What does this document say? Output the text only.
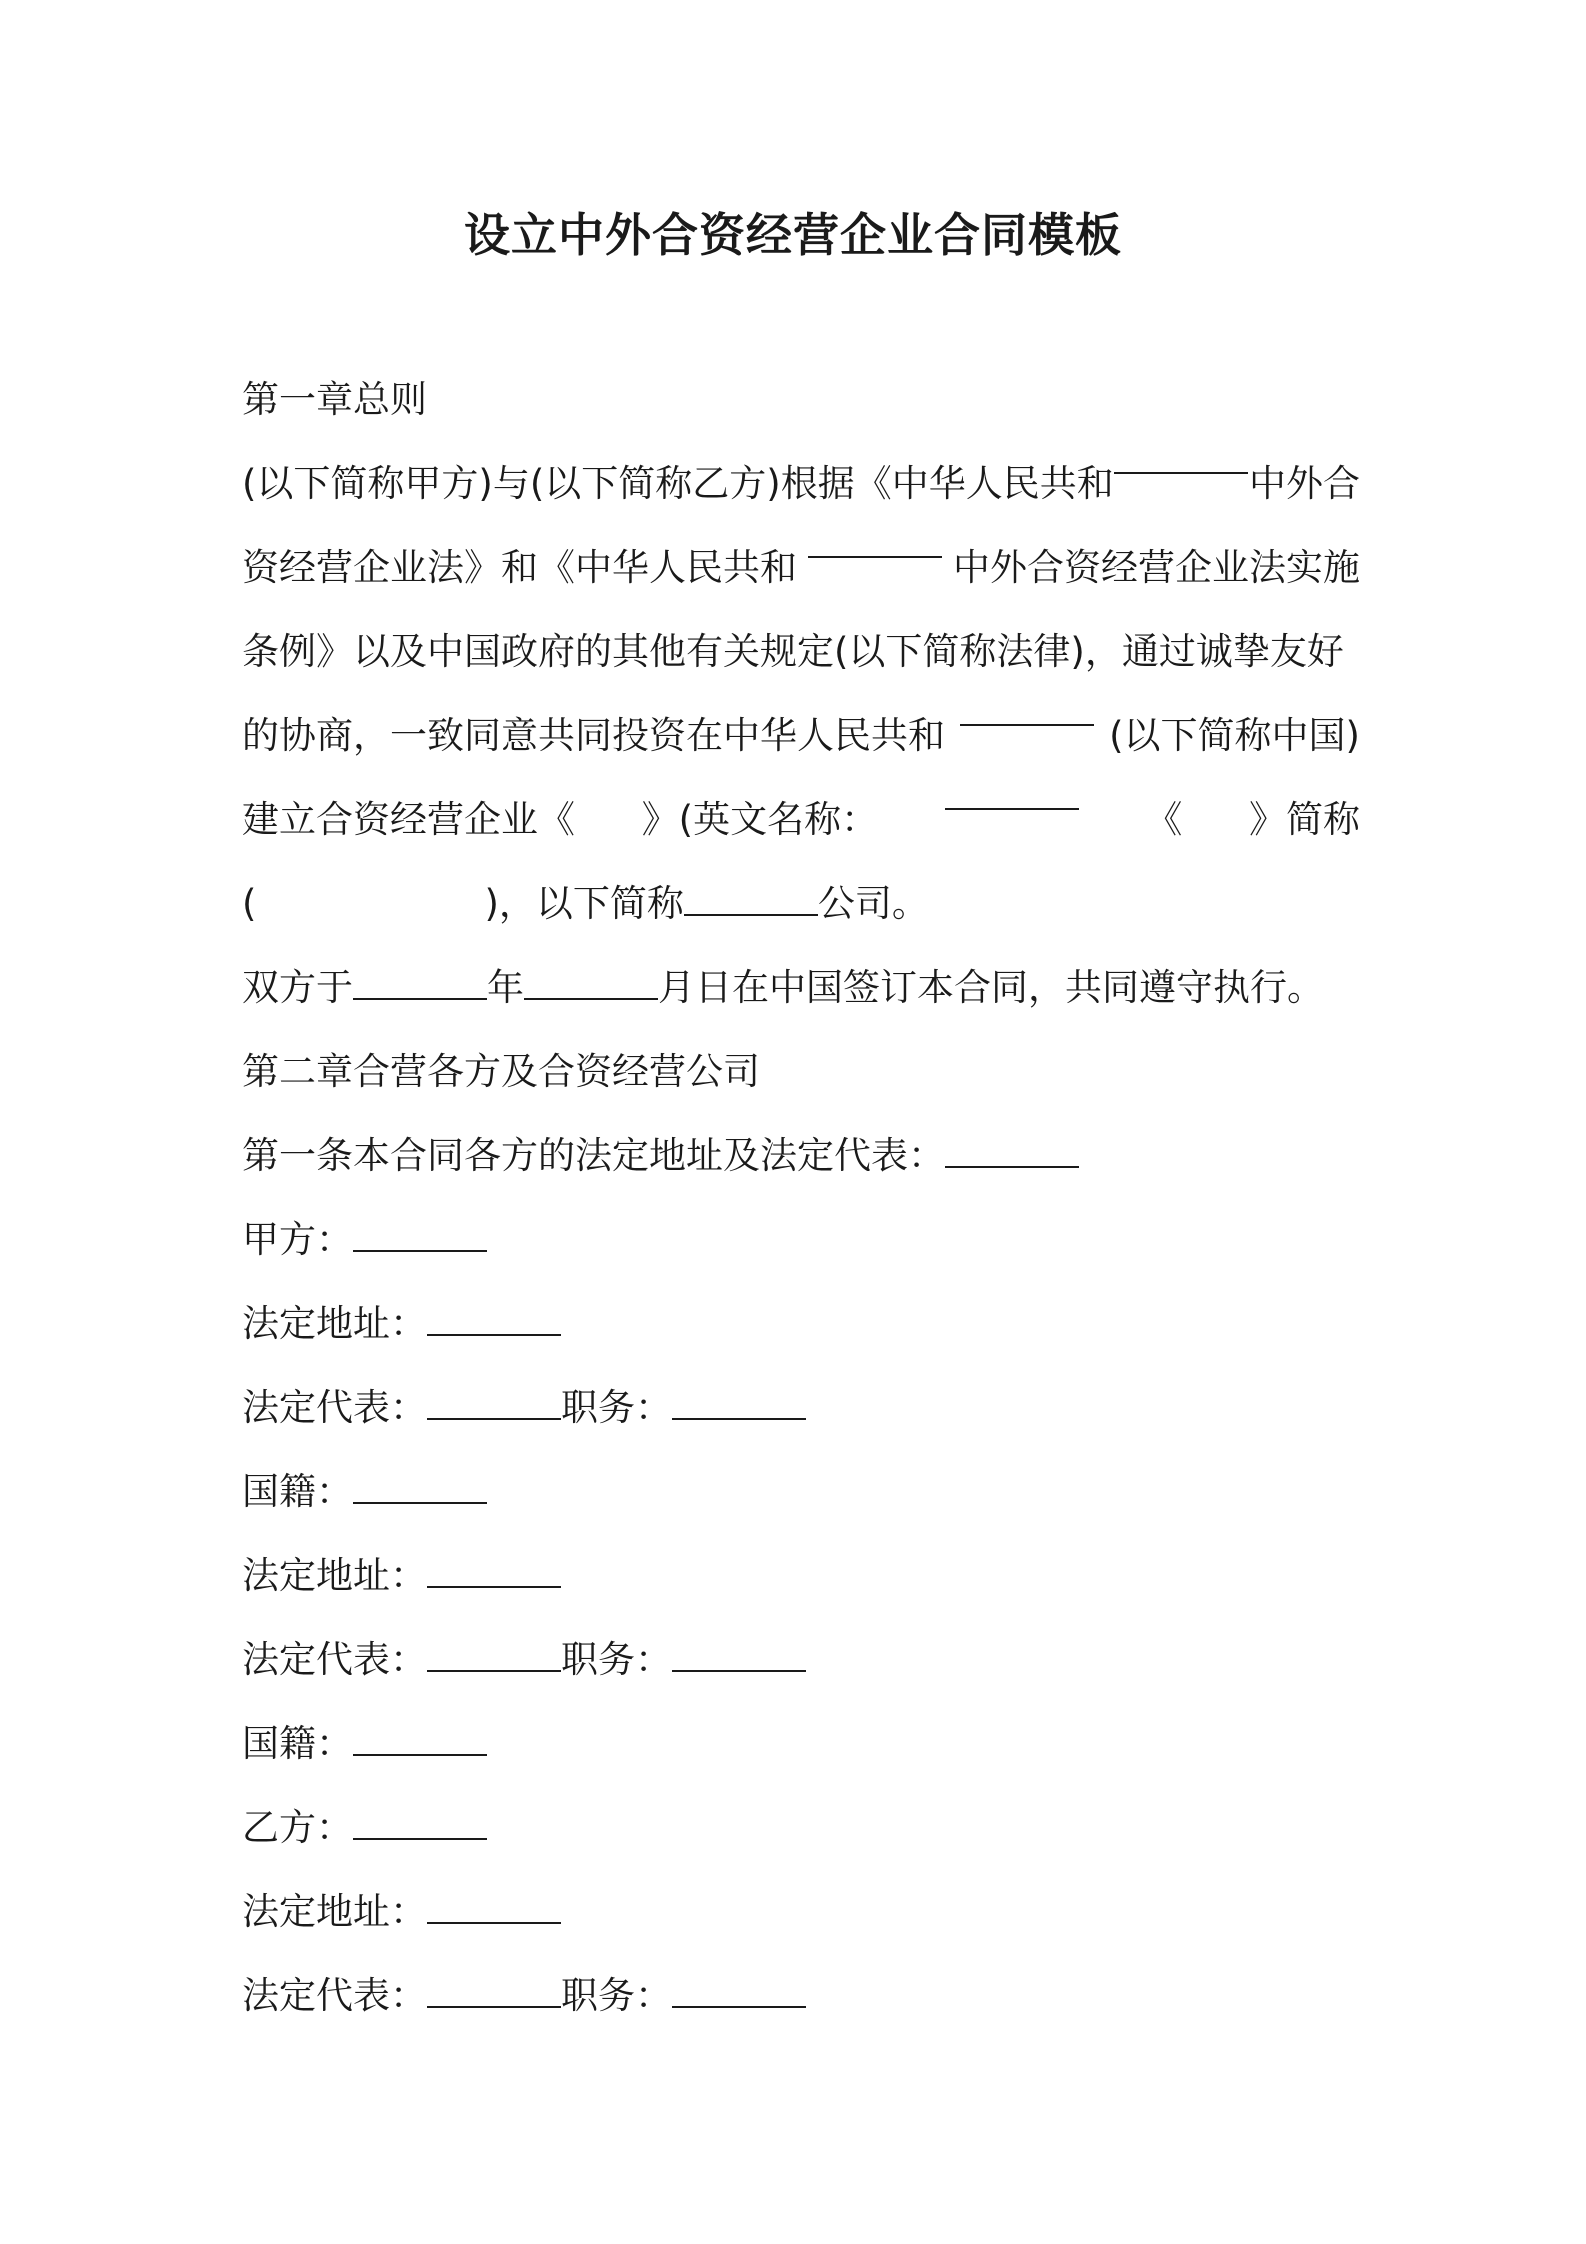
设立中外合资经营企业合同模板
第一章总则
(以下简称甲方)与(以下简称乙方)根据《中华人民共和	中外合
资经营企业法》和《中华人民共和	中外合资经营企业法实施
条例》以及中国政府的其他有关规定(以下简称法律)，通过诚挚友好
的协商，一致同意共同投资在中华人民共和	(以下简称中国)
建立合资经营企业《 》(英文名称：	《 》简称
(	)，以下简称	公司。
双方于	年	月日在中国签订本合同，共同遵守执行。
第二章合营各方及合资经营公司
第一条本合同各方的法定地址及法定代表：
甲方：
法定地址：
法定代表：	职务：
国籍：
法定地址：
法定代表：	职务：
国籍：
乙方：
法定地址：
法定代表：	职务：
